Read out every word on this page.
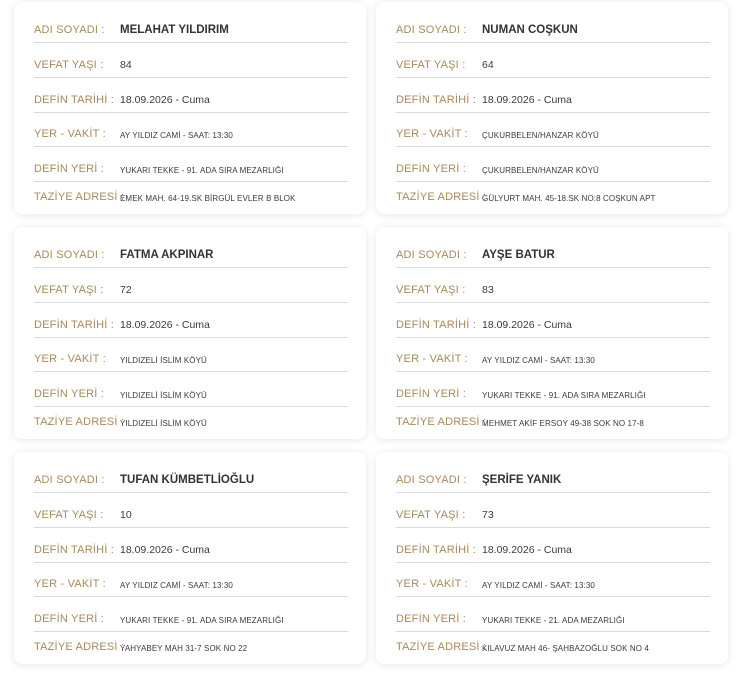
ADI SOYADI : MELAHAT YILDIRIM
VEFAT YAŞI : 84
DEFİN TARİHİ : 18.09.2026 - Cuma
YER - VAKİT : AY YILDIZ CAMİ - SAAT: 13:30
DEFİN YERİ : YUKARI TEKKE - 91. ADA SIRA MEZARLIĞI
TAZİYE ADRESİ :
EMEK MAH. 64-19.SK BİRGÜL EVLER B BLOK
ADI SOYADI : NUMAN COŞKUN
VEFAT YAŞI : 64
DEFİN TARİHİ : 18.09.2026 - Cuma
YER - VAKİT : ÇUKURBELEN/HANZAR KÖYÜ
DEFİN YERİ : ÇUKURBELEN/HANZAR KÖYÜ
TAZİYE ADRESİ :
GÜLYURT MAH. 45-18.SK NO:8 COŞKUN APT
ADI SOYADI : FATMA AKPINAR
VEFAT YAŞI : 72
DEFİN TARİHİ : 18.09.2026 - Cuma
YER - VAKİT : YILDIZELİ İSLİM KÖYÜ
DEFİN YERİ : YILDIZELİ İSLİM KÖYÜ
TAZİYE ADRESİ :
YILDIZELİ İSLİM KÖYÜ
ADI SOYADI : AYŞE BATUR
VEFAT YAŞI : 83
DEFİN TARİHİ : 18.09.2026 - Cuma
YER - VAKİT : AY YILDIZ CAMİ - SAAT: 13:30
DEFİN YERİ : YUKARI TEKKE - 91. ADA SIRA MEZARLIĞI
TAZİYE ADRESİ :
MEHMET AKİF ERSOY 49-38 SOK NO 17-8
ADI SOYADI : TUFAN KÜMBETLİOĞLU
VEFAT YAŞI : 10
DEFİN TARİHİ : 18.09.2026 - Cuma
YER - VAKİT : AY YILDIZ CAMİ - SAAT: 13:30
DEFİN YERİ : YUKARI TEKKE - 91. ADA SIRA MEZARLIĞI
TAZİYE ADRESİ :
YAHYABEY MAH 31-7 SOK NO 22
ADI SOYADI : ŞERİFE YANIK
VEFAT YAŞI : 73
DEFİN TARİHİ : 18.09.2026 - Cuma
YER - VAKİT : AY YILDIZ CAMİ - SAAT: 13:30
DEFİN YERİ : YUKARI TEKKE - 21. ADA MEZARLIĞI
TAZİYE ADRESİ :
KILAVUZ MAH 46- ŞAHBAZOĞLU SOK NO 4
